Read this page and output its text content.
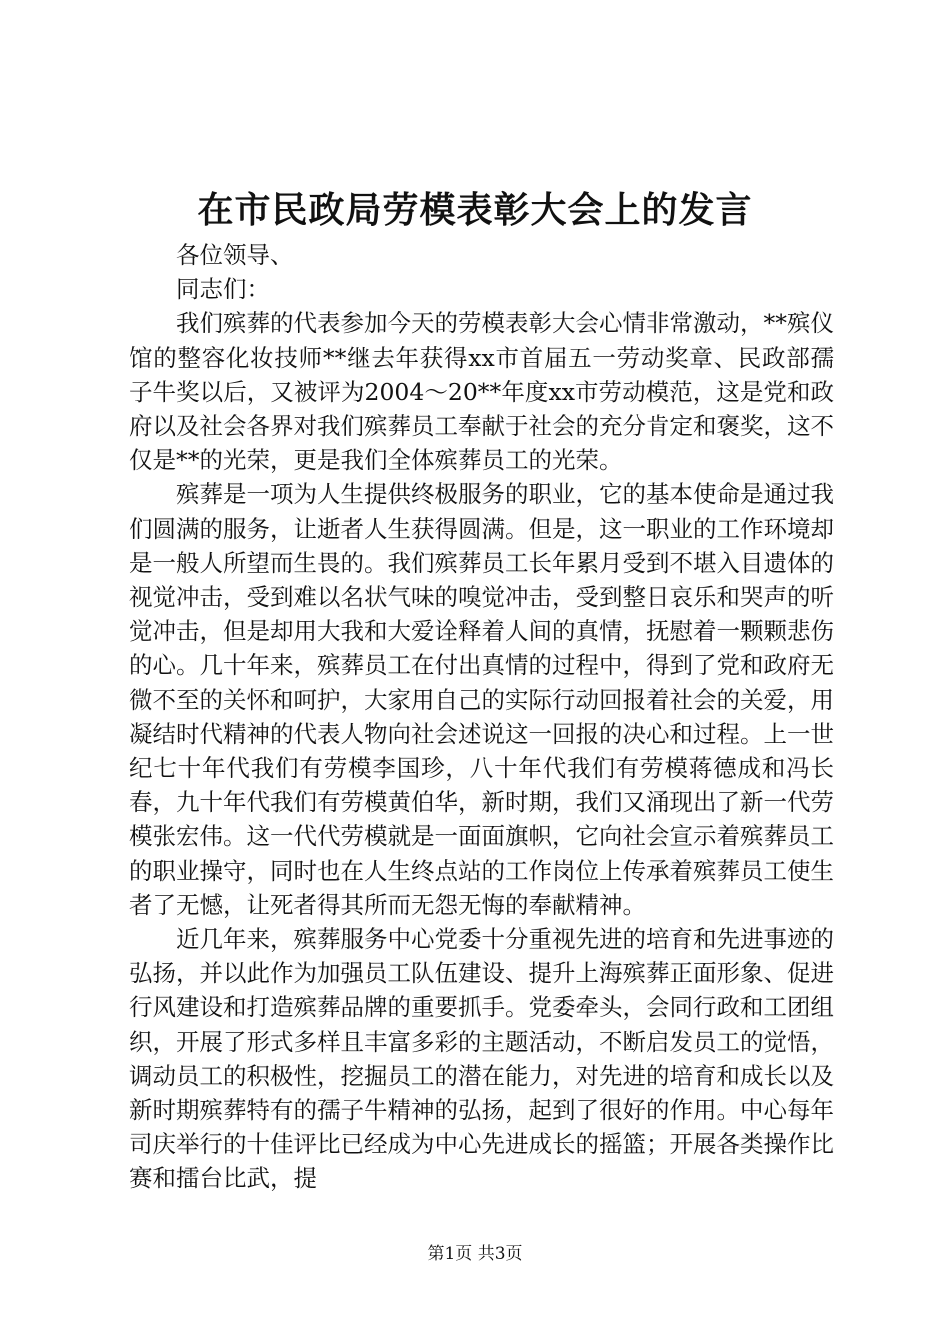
在市民政局劳模表彰大会上的发言

各位领导、

同志们：

我们殡葬的代表参加今天的劳模表彰大会心情非常激动，**殡仪馆的整容化妆技师**继去年获得xx市首届五一劳动奖章、民政部孺子牛奖以后，又被评为2004～20**年度xx市劳动模范，这是党和政府以及社会各界对我们殡葬员工奉献于社会的充分肯定和褒奖，这不仅是**的光荣，更是我们全体殡葬员工的光荣。

殡葬是一项为人生提供终极服务的职业，它的基本使命是通过我们圆满的服务，让逝者人生获得圆满。但是，这一职业的工作环境却是一般人所望而生畏的。我们殡葬员工长年累月受到不堪入目遗体的视觉冲击，受到难以名状气味的嗅觉冲击，受到整日哀乐和哭声的听觉冲击，但是却用大我和大爱诠释着人间的真情，抚慰着一颗颗悲伤的心。几十年来，殡葬员工在付出真情的过程中，得到了党和政府无微不至的关怀和呵护，大家用自己的实际行动回报着社会的关爱，用凝结时代精神的代表人物向社会述说这一回报的决心和过程。上一世纪七十年代我们有劳模李国珍，八十年代我们有劳模蒋德成和冯长春，九十年代我们有劳模黄伯华，新时期，我们又涌现出了新一代劳模张宏伟。这一代代劳模就是一面面旗帜，它向社会宣示着殡葬员工的职业操守，同时也在人生终点站的工作岗位上传承着殡葬员工使生者了无憾，让死者得其所而无怨无悔的奉献精神。

近几年来，殡葬服务中心党委十分重视先进的培育和先进事迹的弘扬，并以此作为加强员工队伍建设、提升上海殡葬正面形象、促进行风建设和打造殡葬品牌的重要抓手。党委牵头，会同行政和工团组织，开展了形式多样且丰富多彩的主题活动，不断启发员工的觉悟，调动员工的积极性，挖掘员工的潜在能力，对先进的培育和成长以及新时期殡葬特有的孺子牛精神的弘扬，起到了很好的作用。中心每年司庆举行的十佳评比已经成为中心先进成长的摇篮；开展各类操作比赛和擂台比武，提

第1页 共3页
